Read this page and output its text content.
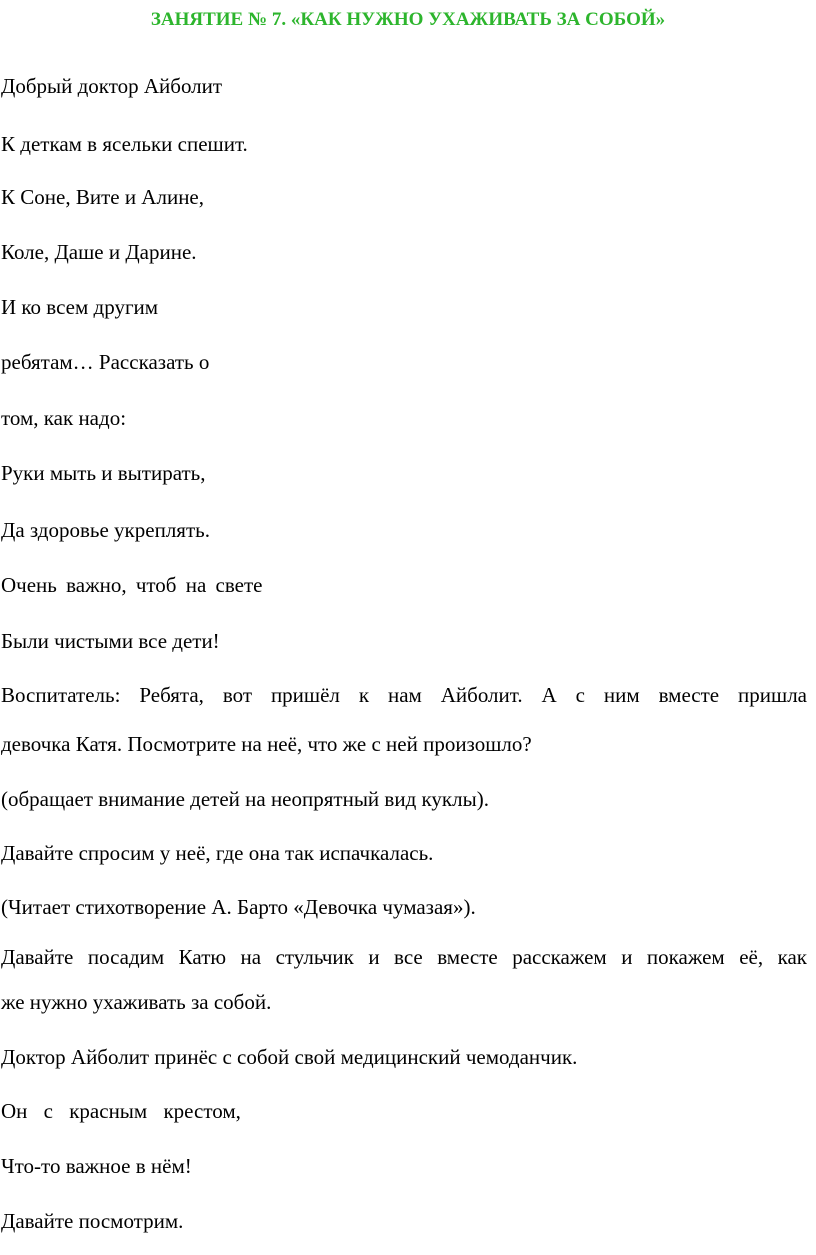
ЗАНЯТИЕ № 7. «КАК НУЖНО УХАЖИВАТЬ ЗА СОБОЙ»
Добрый доктор Айболит
К деткам в ясельки спешит.
К Соне, Вите и Алине,
Коле, Даше и Дарине.
И ко всем другим
ребятам… Рассказать о
том, как надо:
Руки мыть и вытирать,
Да здоровье укреплять.
Очень важно, чтоб на свете
Были чистыми все дети!
Воспитатель: Ребята, вот пришёл к нам Айболит. А с ним вместе пришла
девочка Катя. Посмотрите на неё, что же с ней произошло?
(обращает внимание детей на неопрятный вид куклы).
Давайте спросим у неё, где она так испачкалась.
(Читает стихотворение А. Барто «Девочка чумазая»).
Давайте посадим Катю на стульчик и все вместе расскажем и покажем её, как
же нужно ухаживать за собой.
Доктор Айболит принёс с собой свой медицинский чемоданчик.
Он с красным крестом,
Что-то важное в нём!
Давайте посмотрим.
